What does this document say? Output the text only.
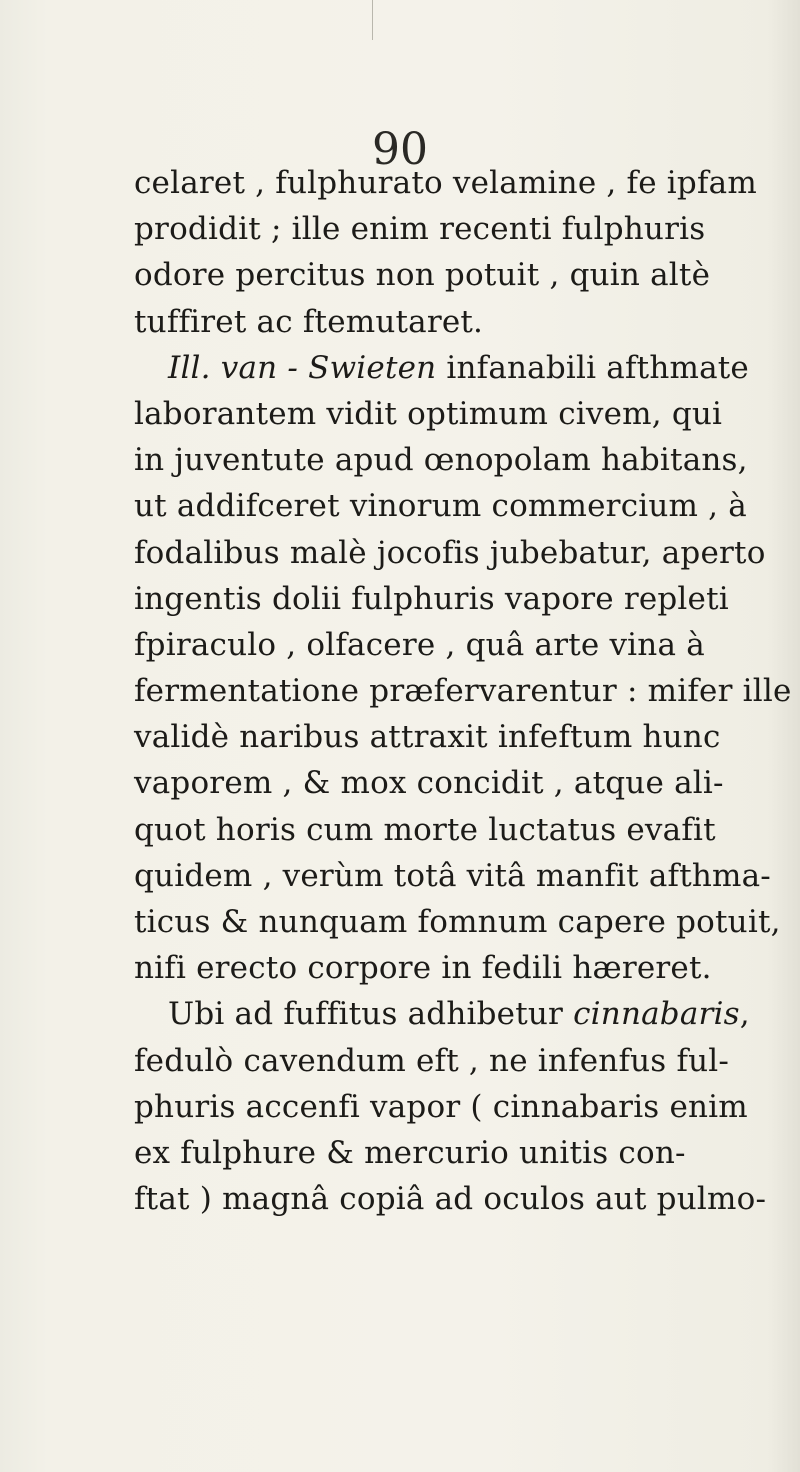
90
celaret , fulphurato velamine , fe ipfam
prodidit ; ille enim recenti fulphuris
odore percitus non potuit , quin altè
tuffiret ac ftemutaret.
Ill. van - Swieten infanabili afthmate
laborantem vidit optimum civem, qui
in juventute apud œnopolam habitans,
ut addifceret vinorum commercium , à
fodalibus malè jocofis jubebatur, aperto
ingentis dolii fulphuris vapore repleti
fpiraculo , olfacere , quâ arte vina à
fermentatione præfervarentur : mifer ille
validè naribus attraxit infeftum hunc
vaporem , & mox concidit , atque ali-
quot horis cum morte luctatus evafit
quidem , verùm totâ vitâ manfit afthma-
ticus & nunquam fomnum capere potuit,
nifi erecto corpore in fedili hæreret.
Ubi ad fuffitus adhibetur cinnabaris,
fedulò cavendum eft , ne infenfus ful-
phuris accenfi vapor ( cinnabaris enim
ex fulphure & mercurio unitis con-
ftat ) magnâ copiâ ad oculos aut pulmo-
